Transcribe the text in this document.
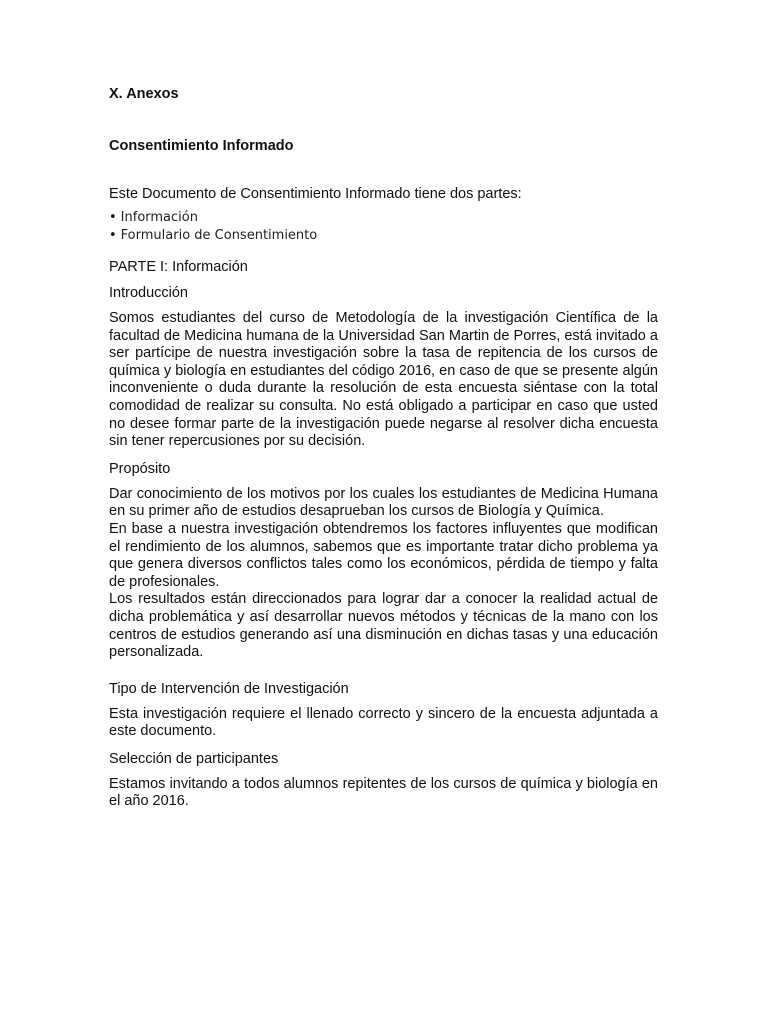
X. Anexos

Consentimiento Informado

Este Documento de Consentimiento Informado tiene dos partes:

• Información
• Formulario de Consentimiento

PARTE I: Información

Introducción

Somos estudiantes del curso de Metodología de la investigación Científica de la facultad de Medicina humana de la Universidad San Martin de Porres, está invitado a ser partícipe de nuestra investigación sobre la tasa de repitencia de los cursos de química y biología en estudiantes del código 2016, en caso de que se presente algún inconveniente o duda durante la resolución de esta encuesta siéntase con la total comodidad de realizar su consulta. No está obligado a participar en caso que usted no desee formar parte de la investigación puede negarse al resolver dicha encuesta sin tener repercusiones por su decisión.

Propósito

Dar conocimiento de los motivos por los cuales los estudiantes de Medicina Humana en su primer año de estudios desaprueban los cursos de Biología y Química.

En base a nuestra investigación obtendremos los factores influyentes que modifican el rendimiento de los alumnos, sabemos que es importante tratar dicho problema ya que genera diversos conflictos tales como los económicos, pérdida de tiempo y falta de profesionales.

Los resultados están direccionados para lograr dar a conocer la realidad actual de dicha problemática y así desarrollar nuevos métodos y técnicas de la mano con los centros de estudios generando así una disminución en dichas tasas y una educación personalizada.

Tipo de Intervención de Investigación

Esta investigación requiere el llenado correcto y sincero de la encuesta adjuntada a este documento.

Selección de participantes

Estamos invitando a todos alumnos repitentes de los cursos de química y biología en el año 2016.
